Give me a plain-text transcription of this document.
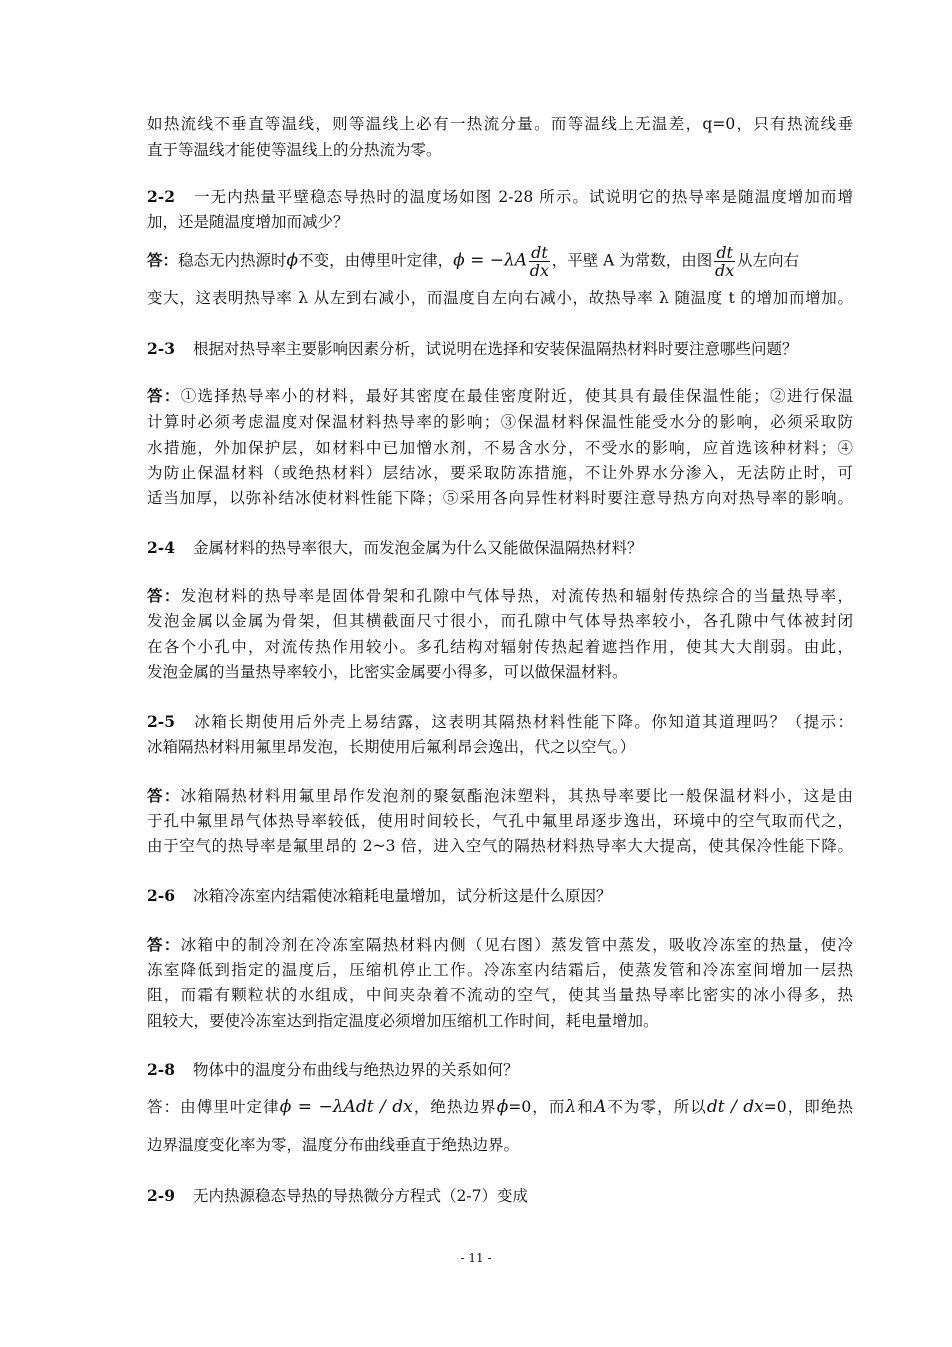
如热流线不垂直等温线，则等温线上必有一热流分量。而等温线上无温差，q=0，只有热流线垂
直于等温线才能使等温线上的分热流为零。
2-2 一无内热量平壁稳态导热时的温度场如图 2-28 所示。试说明它的热导率是随温度增加而增
加，还是随温度增加而减少？
答：稳态无内热源时ϕ不变，由傅里叶定律，$\phi = -\lambda A \frac{dt}{dx}$ ，平壁 A 为常数，由图 $\frac{dt}{dx}$ 从左向右
变大，这表明热导率 λ 从左到右减小，而温度自左向右减小，故热导率 λ 随温度 t 的增加而增加。
2-3 根据对热导率主要影响因素分析，试说明在选择和安装保温隔热材料时要注意哪些问题？
答：①选择热导率小的材料，最好其密度在最佳密度附近，使其具有最佳保温性能；②进行保温
计算时必须考虑温度对保温材料热导率的影响；③保温材料保温性能受水分的影响，必须采取防
水措施，外加保护层，如材料中已加憎水剂，不易含水分，不受水的影响，应首选该种材料；④
为防止保温材料（或绝热材料）层结冰，要采取防冻措施，不让外界水分渗入，无法防止时，可
适当加厚，以弥补结冰使材料性能下降；⑤采用各向异性材料时要注意导热方向对热导率的影响。
2-4 金属材料的热导率很大，而发泡金属为什么又能做保温隔热材料？
答：发泡材料的热导率是固体骨架和孔隙中气体导热，对流传热和辐射传热综合的当量热导率，
发泡金属以金属为骨架，但其横截面尺寸很小，而孔隙中气体导热率较小，各孔隙中气体被封闭
在各个小孔中，对流传热作用较小。多孔结构对辐射传热起着遮挡作用，使其大大削弱。由此，
发泡金属的当量热导率较小，比密实金属要小得多，可以做保温材料。
2-5 冰箱长期使用后外壳上易结露，这表明其隔热材料性能下降。你知道其道理吗？（提示：
冰箱隔热材料用氟里昂发泡，长期使用后氟利昂会逸出，代之以空气。）
答：冰箱隔热材料用氟里昂作发泡剂的聚氨酯泡沫塑料，其热导率要比一般保温材料小，这是由
于孔中氟里昂气体热导率较低，使用时间较长，气孔中氟里昂逐步逸出，环境中的空气取而代之，
由于空气的热导率是氟里昂的 2~3 倍，进入空气的隔热材料热导率大大提高，使其保冷性能下降。
2-6 冰箱冷冻室内结霜使冰箱耗电量增加，试分析这是什么原因？
答：冰箱中的制冷剂在冷冻室隔热材料内侧（见右图）蒸发管中蒸发，吸收冷冻室的热量，使冷
冻室降低到指定的温度后，压缩机停止工作。冷冻室内结霜后，使蒸发管和冷冻室间增加一层热
阻，而霜有颗粒状的水组成，中间夹杂着不流动的空气，使其当量热导率比密实的冰小得多，热
阻较大，要使冷冻室达到指定温度必须增加压缩机工作时间，耗电量增加。
2-8 物体中的温度分布曲线与绝热边界的关系如何？
答：由傅里叶定律ϕ = −λAdt / dx，绝热边界ϕ=0，而λ和A不为零，所以dt / dx=0，即绝热
边界温度变化率为零，温度分布曲线垂直于绝热边界。
2-9 无内热源稳态导热的导热微分方程式（2-7）变成
- 11 -
